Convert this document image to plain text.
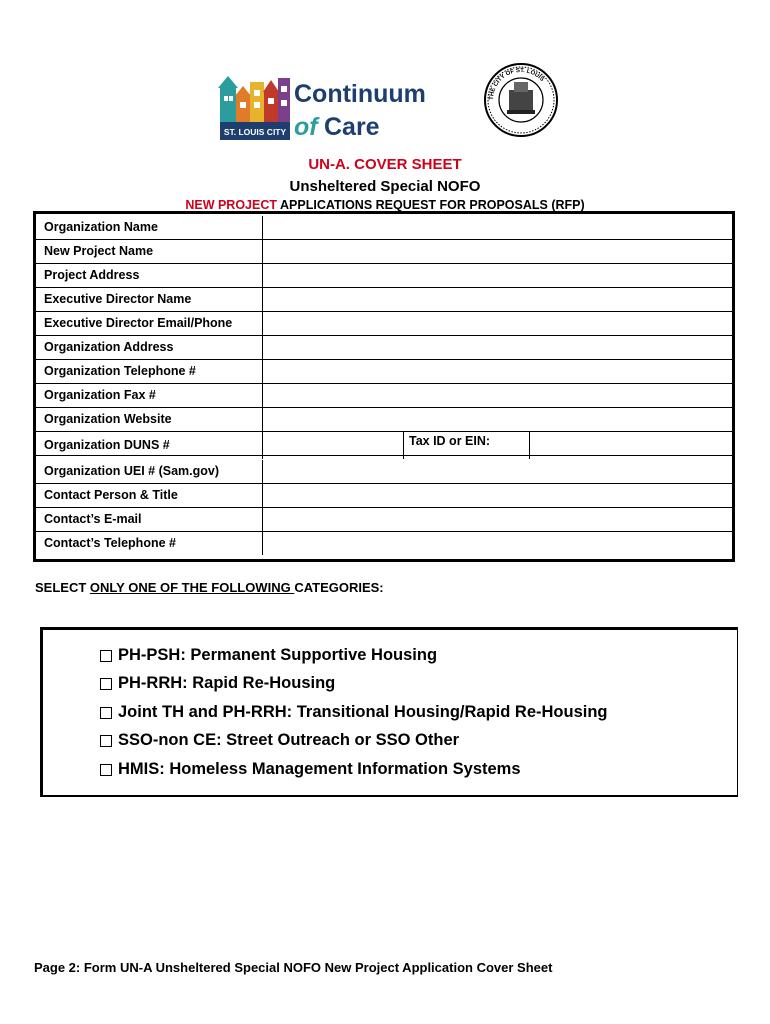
ST. LOUIS CITY
Continuum
of Care
THE CITY OF ST. LOUIS
UN-A. COVER SHEET
Unsheltered Special NOFO
NEW PROJECT APPLICATIONS REQUEST FOR PROPOSALS (RFP)
Organization Name
New Project Name
Project Address
Executive Director Name
Executive Director Email/Phone
Organization Address
Organization Telephone #
Organization Fax #
Organization Website
Organization DUNS #	Tax ID or EIN:
Organization UEI # (Sam.gov)
Contact Person & Title
Contact’s E-mail
Contact’s Telephone #
SELECT ONLY ONE OF THE FOLLOWING CATEGORIES:
PH-PSH: Permanent Supportive Housing
PH-RRH: Rapid Re-Housing
Joint TH and PH-RRH: Transitional Housing/Rapid Re-Housing
SSO-non CE: Street Outreach or SSO Other
HMIS: Homeless Management Information Systems
Page 2: Form UN-A Unsheltered Special NOFO New Project Application Cover Sheet
